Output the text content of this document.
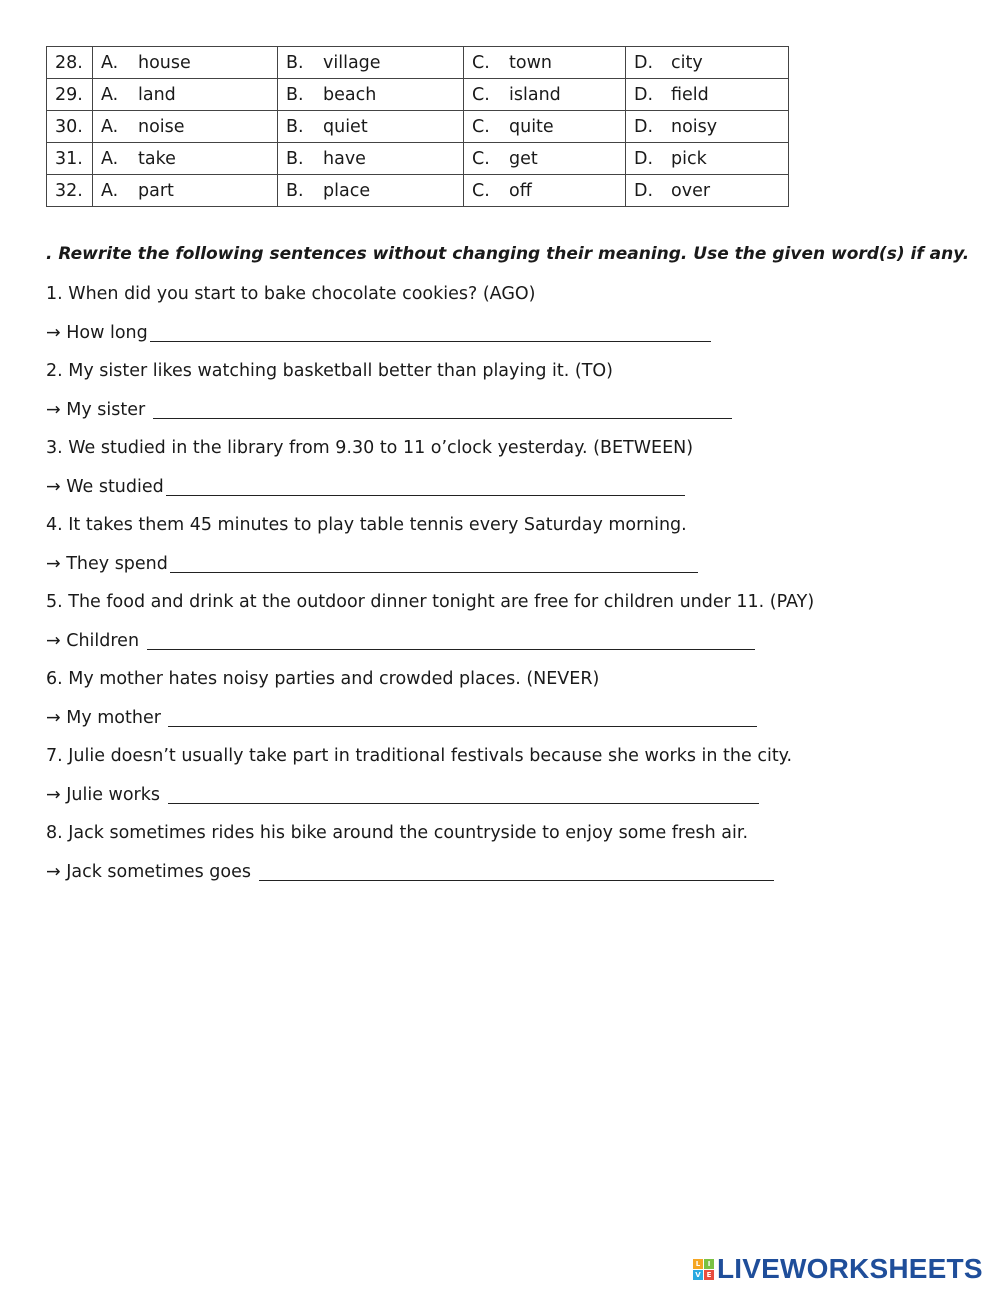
28.	A. house	B. village	C. town	D. city
29.	A. land	B. beach	C. island	D. field
30.	A. noise	B. quiet	C. quite	D. noisy
31.	A. take	B. have	C. get	D. pick
32.	A. part	B. place	C. off	D. over
. Rewrite the following sentences without changing their meaning. Use the given word(s) if any.
1. When did you start to bake chocolate cookies? (AGO)
→ How long
2. My sister likes watching basketball better than playing it. (TO)
→ My sister
3. We studied in the library from 9.30 to 11 o’clock yesterday. (BETWEEN)
→ We studied
4. It takes them 45 minutes to play table tennis every Saturday morning.
→ They spend
5. The food and drink at the outdoor dinner tonight are free for children under 11. (PAY)
→ Children
6. My mother hates noisy parties and crowded places. (NEVER)
→ My mother
7. Julie doesn’t usually take part in traditional festivals because she works in the city.
→ Julie works
8. Jack sometimes rides his bike around the countryside to enjoy some fresh air.
→ Jack sometimes goes
L	I
V E LIVEWORKSHEETS
